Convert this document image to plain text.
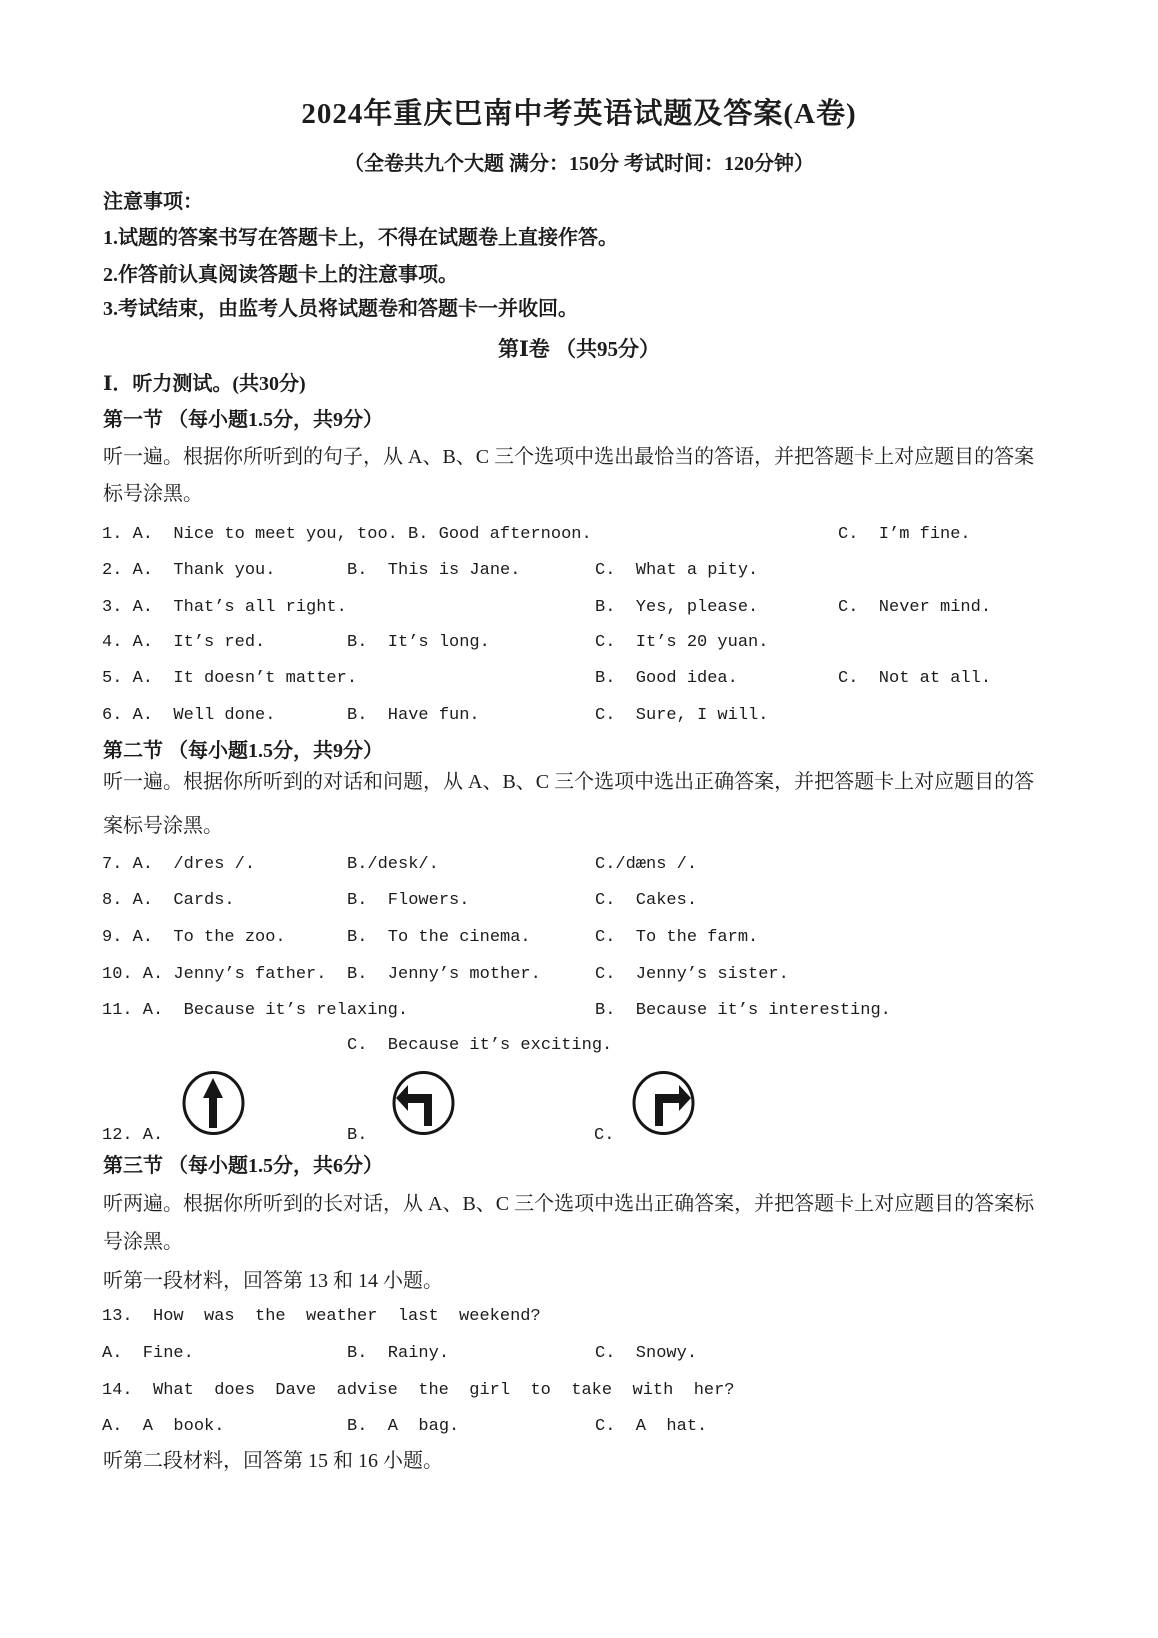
2024年重庆巴南中考英语试题及答案(A卷)
（全卷共九个大题 满分：150分 考试时间：120分钟）
注意事项：
1.试题的答案书写在答题卡上，不得在试题卷上直接作答。
2.作答前认真阅读答题卡上的注意事项。
3.考试结束，由监考人员将试题卷和答题卡一并收回。
第Ⅰ卷 （共95分）
Ⅰ．听力测试。(共30分)
第一节 （每小题1.5分，共9分）
听一遍。根据你所听到的句子，从 A、B、C 三个选项中选出最恰当的答语，并把答题卡上对应题目的答案
标号涂黑。
1. A.  Nice to meet you, too. B. Good afternoon.	C.  I’m fine.
2. A.  Thank you.	B.  This is Jane.	C.  What a pity.
3. A.  That’s all right.	B.  Yes, please.	C.  Never mind.
4. A.  It’s red.	B.  It’s long.	C.  It’s 20 yuan.
5. A.  It doesn’t matter.	B.  Good idea.	C.  Not at all.
6. A.  Well done.	B.  Have fun.	C.  Sure, I will.
第二节 （每小题1.5分，共9分）
听一遍。根据你所听到的对话和问题，从 A、B、C 三个选项中选出正确答案，并把答题卡上对应题目的答
案标号涂黑。
7. A.  /dres /.	B./desk/.	C./dæns /.
8. A.  Cards.	B.  Flowers.	C.  Cakes.
9. A.  To the zoo.	B.  To the cinema.	C.  To the farm.
10. A. Jenny’s father. B.  Jenny’s mother.	C.  Jenny’s sister.
11. A.  Because it’s relaxing.	B.  Because it’s interesting.
C.  Because it’s exciting.
12. A.	B.	C.
第三节 （每小题1.5分，共6分）
听两遍。根据你所听到的长对话，从 A、B、C 三个选项中选出正确答案，并把答题卡上对应题目的答案标
号涂黑。
听第一段材料，回答第 13 和 14 小题。
13.  How  was  the  weather  last  weekend?
A.  Fine.	B.  Rainy.	C.  Snowy.
14.  What  does  Dave  advise  the  girl  to  take  with  her?
A.  A  book.	B.  A  bag.	C.  A  hat.
听第二段材料，回答第 15 和 16 小题。
